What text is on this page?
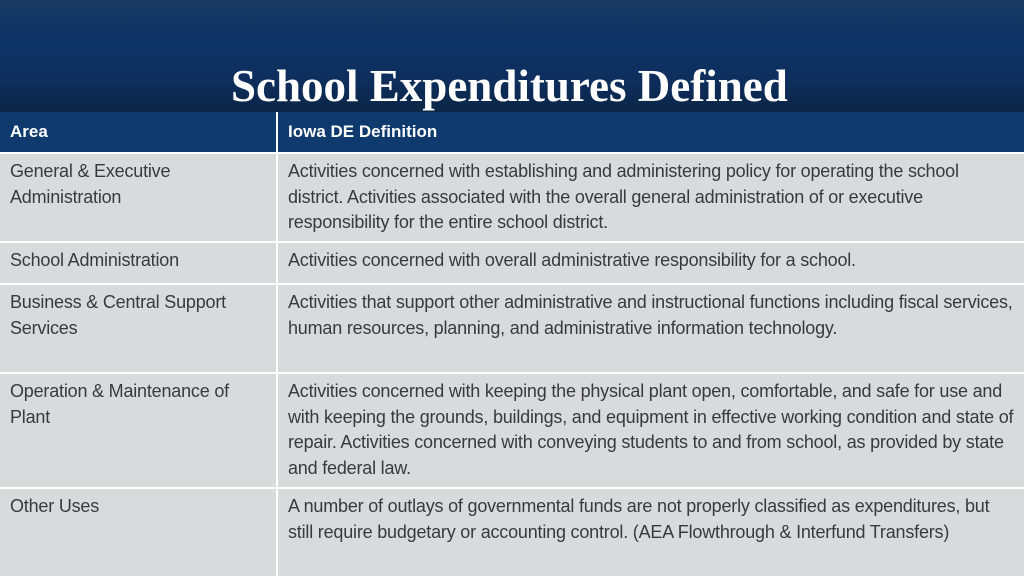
School Expenditures Defined
Area	Iowa DE Definition
General & Executive Administration	Activities concerned with establishing and administering policy for operating the school district. Activities associated with the overall general administration of or executive responsibility for the entire school district.
School Administration	Activities concerned with overall administrative responsibility for a school.
Business & Central Support Services	Activities that support other administrative and instructional functions including fiscal services, human resources, planning, and administrative information technology.
Operation & Maintenance of Plant	Activities concerned with keeping the physical plant open, comfortable, and safe for use and with keeping the grounds, buildings, and equipment in effective working condition and state of repair. Activities concerned with conveying students to and from school, as provided by state and federal law.
Other Uses	A number of outlays of governmental funds are not properly classified as expenditures, but still require budgetary or accounting control. (AEA Flowthrough & Interfund Transfers)
